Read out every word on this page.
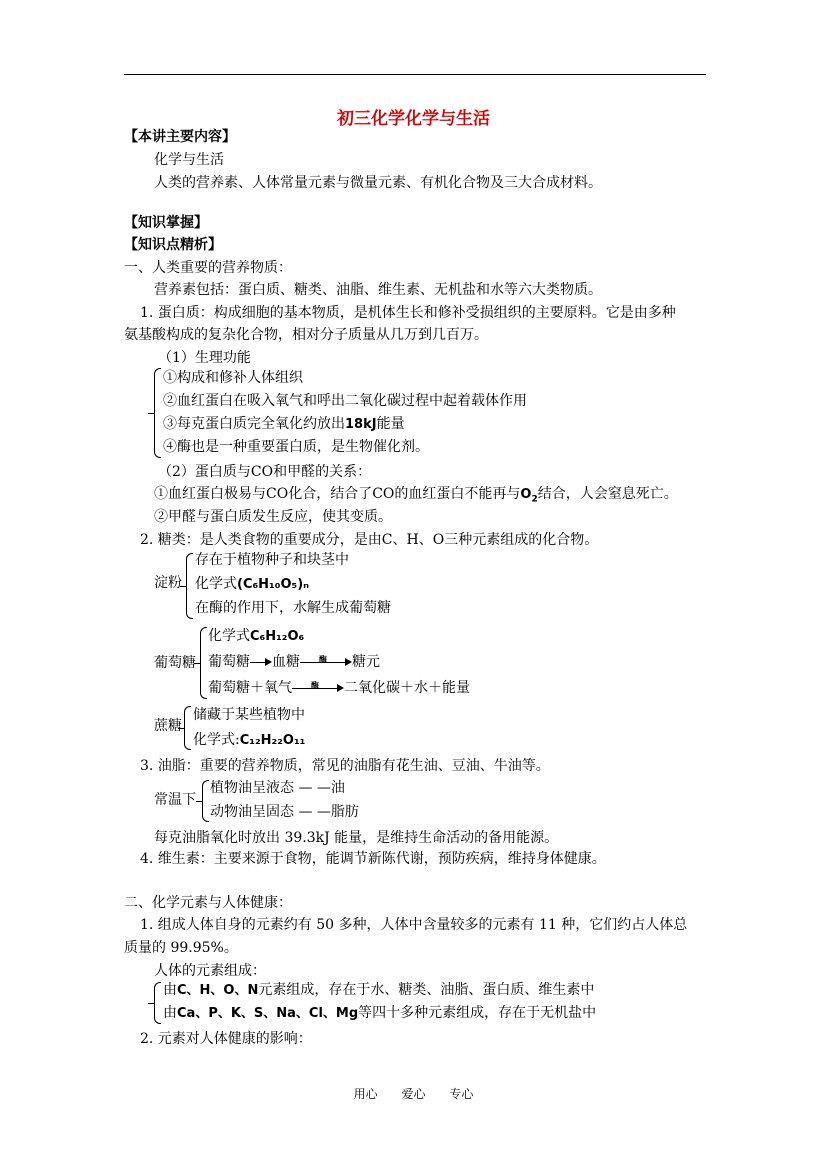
初三化学化学与生活
【本讲主要内容】
化学与生活
人类的营养素、人体常量元素与微量元素、有机化合物及三大合成材料。
【知识掌握】
【知识点精析】
一、人类重要的营养物质：
营养素包括：蛋白质、糖类、油脂、维生素、无机盐和水等六大类物质。
1. 蛋白质：构成细胞的基本物质，是机体生长和修补受损组织的主要原料。它是由多种
氨基酸构成的复杂化合物，相对分子质量从几万到几百万。
（1）生理功能
①构成和修补人体组织
②血红蛋白在吸入氧气和呼出二氧化碳过程中起着载体作用
③每克蛋白质完全氧化约放出18kJ能量
④酶也是一种重要蛋白质，是生物催化剂。
（2）蛋白质与CO和甲醛的关系：
①血红蛋白极易与CO化合，结合了CO的血红蛋白不能再与$O_2$结合，人会窒息死亡。
②甲醛与蛋白质发生反应，使其变质。
2. 糖类：是人类食物的重要成分，是由C、H、O三种元素组成的化合物。
淀粉
存在于植物种子和块茎中
化学式(C₆H₁₀O₅)ₙ
在酶的作用下，水解生成葡萄糖
葡萄糖
化学式C₆H₁₂O₆
葡萄糖 血糖	酶	糖元
葡萄糖＋氧气	酶	二氧化碳＋水＋能量
蔗糖
储藏于某些植物中
化学式:C₁₂H₂₂O₁₁
3. 油脂：重要的营养物质，常见的油脂有花生油、豆油、牛油等。
常温下
植物油呈液态 — —油
动物油呈固态 — —脂肪
每克油脂氧化时放出 39.3kJ 能量，是维持生命活动的备用能源。
4. 维生素：主要来源于食物，能调节新陈代谢，预防疾病，维持身体健康。
二、化学元素与人体健康：
1. 组成人体自身的元素约有 50 多种，人体中含量较多的元素有 11 种，它们约占人体总
质量的 99.95%。
人体的元素组成：
由C、H、O、N元素组成，存在于水、糖类、油脂、蛋白质、维生素中
由Ca、P、K、S、Na、Cl、Mg等四十多种元素组成，存在于无机盐中
2. 元素对人体健康的影响：
用心 爱心 专心
